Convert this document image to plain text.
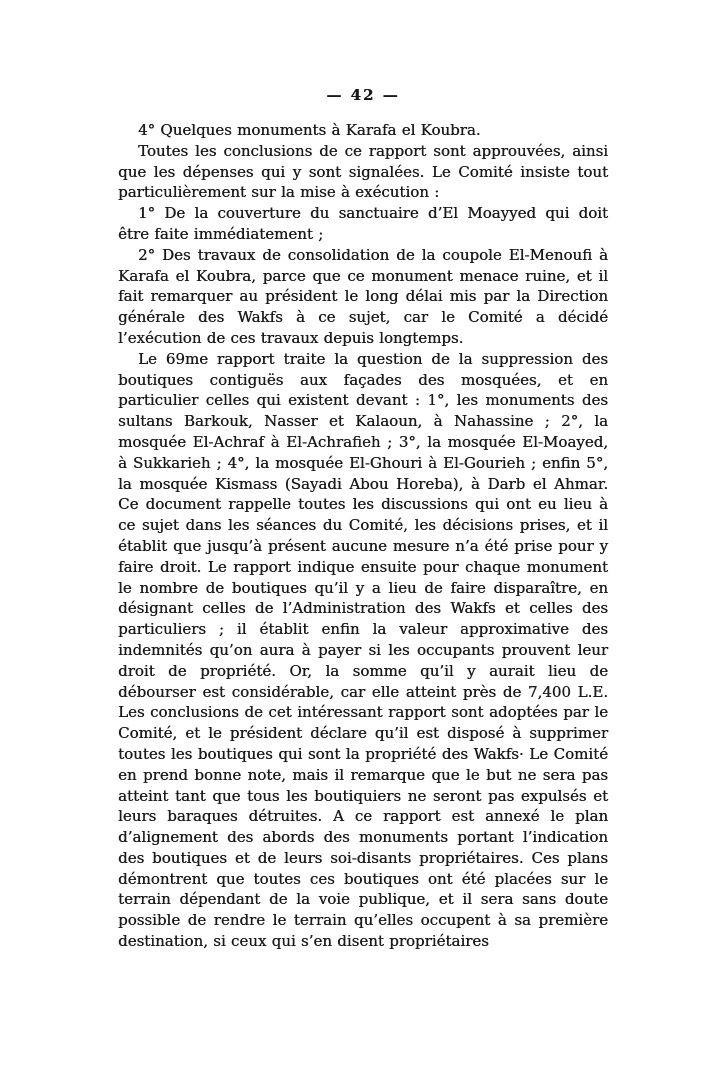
— 42 —

4° Quelques monuments à Karafa el Koubra.

Toutes les conclusions de ce rapport sont approuvées, ainsi que les dépenses qui y sont signalées. Le Comité insiste tout particulièrement sur la mise à exécution :

1° De la couverture du sanctuaire d’El Moayyed qui doit être faite immédiatement ;

2° Des travaux de consolidation de la coupole El-Menoufi à Karafa el Koubra, parce que ce monument menace ruine, et il fait remarquer au président le long délai mis par la Direction générale des Wakfs à ce sujet, car le Comité a décidé l’exécution de ces travaux depuis longtemps.

Le 69me rapport traite la question de la suppression des boutiques contiguës aux façades des mosquées, et en particulier celles qui existent devant : 1°, les monuments des sultans Barkouk, Nasser et Kalaoun, à Nahassine ; 2°, la mosquée El-Achraf à El-Achrafieh ; 3°, la mosquée El-Moayed, à Sukkarieh ; 4°, la mosquée El-Ghouri à El-Gourieh ; enfin 5°, la mosquée Kismass (Sayadi Abou Horeba), à Darb el Ahmar. Ce document rappelle toutes les discussions qui ont eu lieu à ce sujet dans les séances du Comité, les décisions prises, et il établit que jusqu’à présent aucune mesure n’a été prise pour y faire droit. Le rapport indique ensuite pour chaque monument le nombre de boutiques qu’il y a lieu de faire disparaître, en désignant celles de l’Administration des Wakfs et celles des particuliers ; il établit enfin la valeur approximative des indemnités qu’on aura à payer si les occupants prouvent leur droit de propriété. Or, la somme qu’il y aurait lieu de débourser est considérable, car elle atteint près de 7,400 L.E. Les conclusions de cet intéressant rapport sont adoptées par le Comité, et le président déclare qu’il est disposé à supprimer toutes les boutiques qui sont la propriété des Wakfs· Le Comité en prend bonne note, mais il remarque que le but ne sera pas atteint tant que tous les boutiquiers ne seront pas expulsés et leurs baraques détruites. A ce rapport est annexé le plan d’alignement des abords des monuments portant l’indication des boutiques et de leurs soi-disants propriétaires. Ces plans démontrent que toutes ces boutiques ont été placées sur le terrain dépendant de la voie publique, et il sera sans doute possible de rendre le terrain qu’elles occupent à sa première destination, si ceux qui s’en disent propriétaires
